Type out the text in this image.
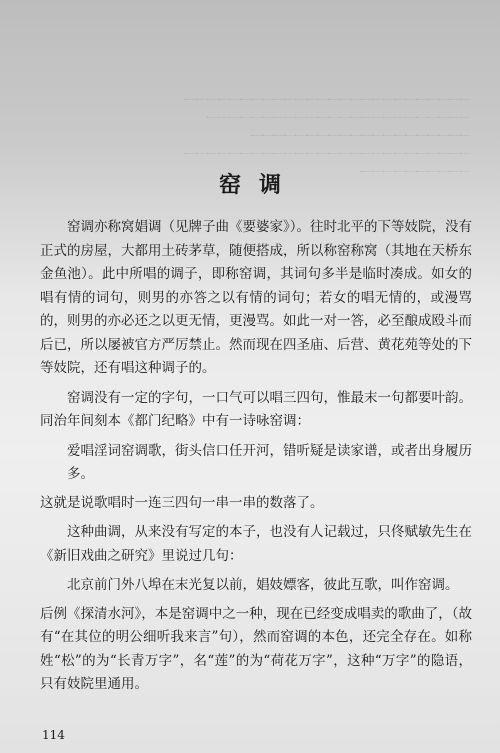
一一一一一一一一一一一一一一一一一一一一一一一一一一
一一一一一一一一一一一一一一一一一一一一一一一一
一一一一一一一一一一一一一一一一一一一一
一一一一一一一一一一一一一一一一一一一一一一一一一一
一一一一一一一一一一
窑调

窑调亦称窝娼调（见牌子曲《要婆家》）。往时北平的下等妓院，没有正式的房屋，大都用土砖茅草，随便搭成，所以称窑称窝（其地在天桥东金鱼池）。此中所唱的调子，即称窑调，其词句多半是临时凑成。如女的唱有情的词句，则男的亦答之以有情的词句；若女的唱无情的，或漫骂的，则男的亦必还之以更无情，更漫骂。如此一对一答，必至酿成殴斗而后已，所以屡被官方严厉禁止。然而现在四圣庙、后营、黄花苑等处的下等妓院，还有唱这种调子的。

窑调没有一定的字句，一口气可以唱三四句，惟最末一句都要叶韵。同治年间刻本《都门纪略》中有一诗咏窑调：

爱唱淫词窑调歌，街头信口任开河，错听疑是读家谱，或者出身履历多。

这就是说歌唱时一连三四句一串一串的数落了。

这种曲调，从来没有写定的本子，也没有人记载过，只佟赋敏先生在《新旧戏曲之研究》里说过几句：

北京前门外八埠在末光复以前，娼妓嫖客，彼此互歌，叫作窑调。

后例《探清水河》，本是窑调中之一种，现在已经变成唱卖的歌曲了，（故有“在其位的明公细听我来言”句），然而窑调的本色，还完全存在。如称姓“松”的为“长青万字”，名“莲”的为“荷花万字”，这种“万字”的隐语，只有妓院里通用。

114
